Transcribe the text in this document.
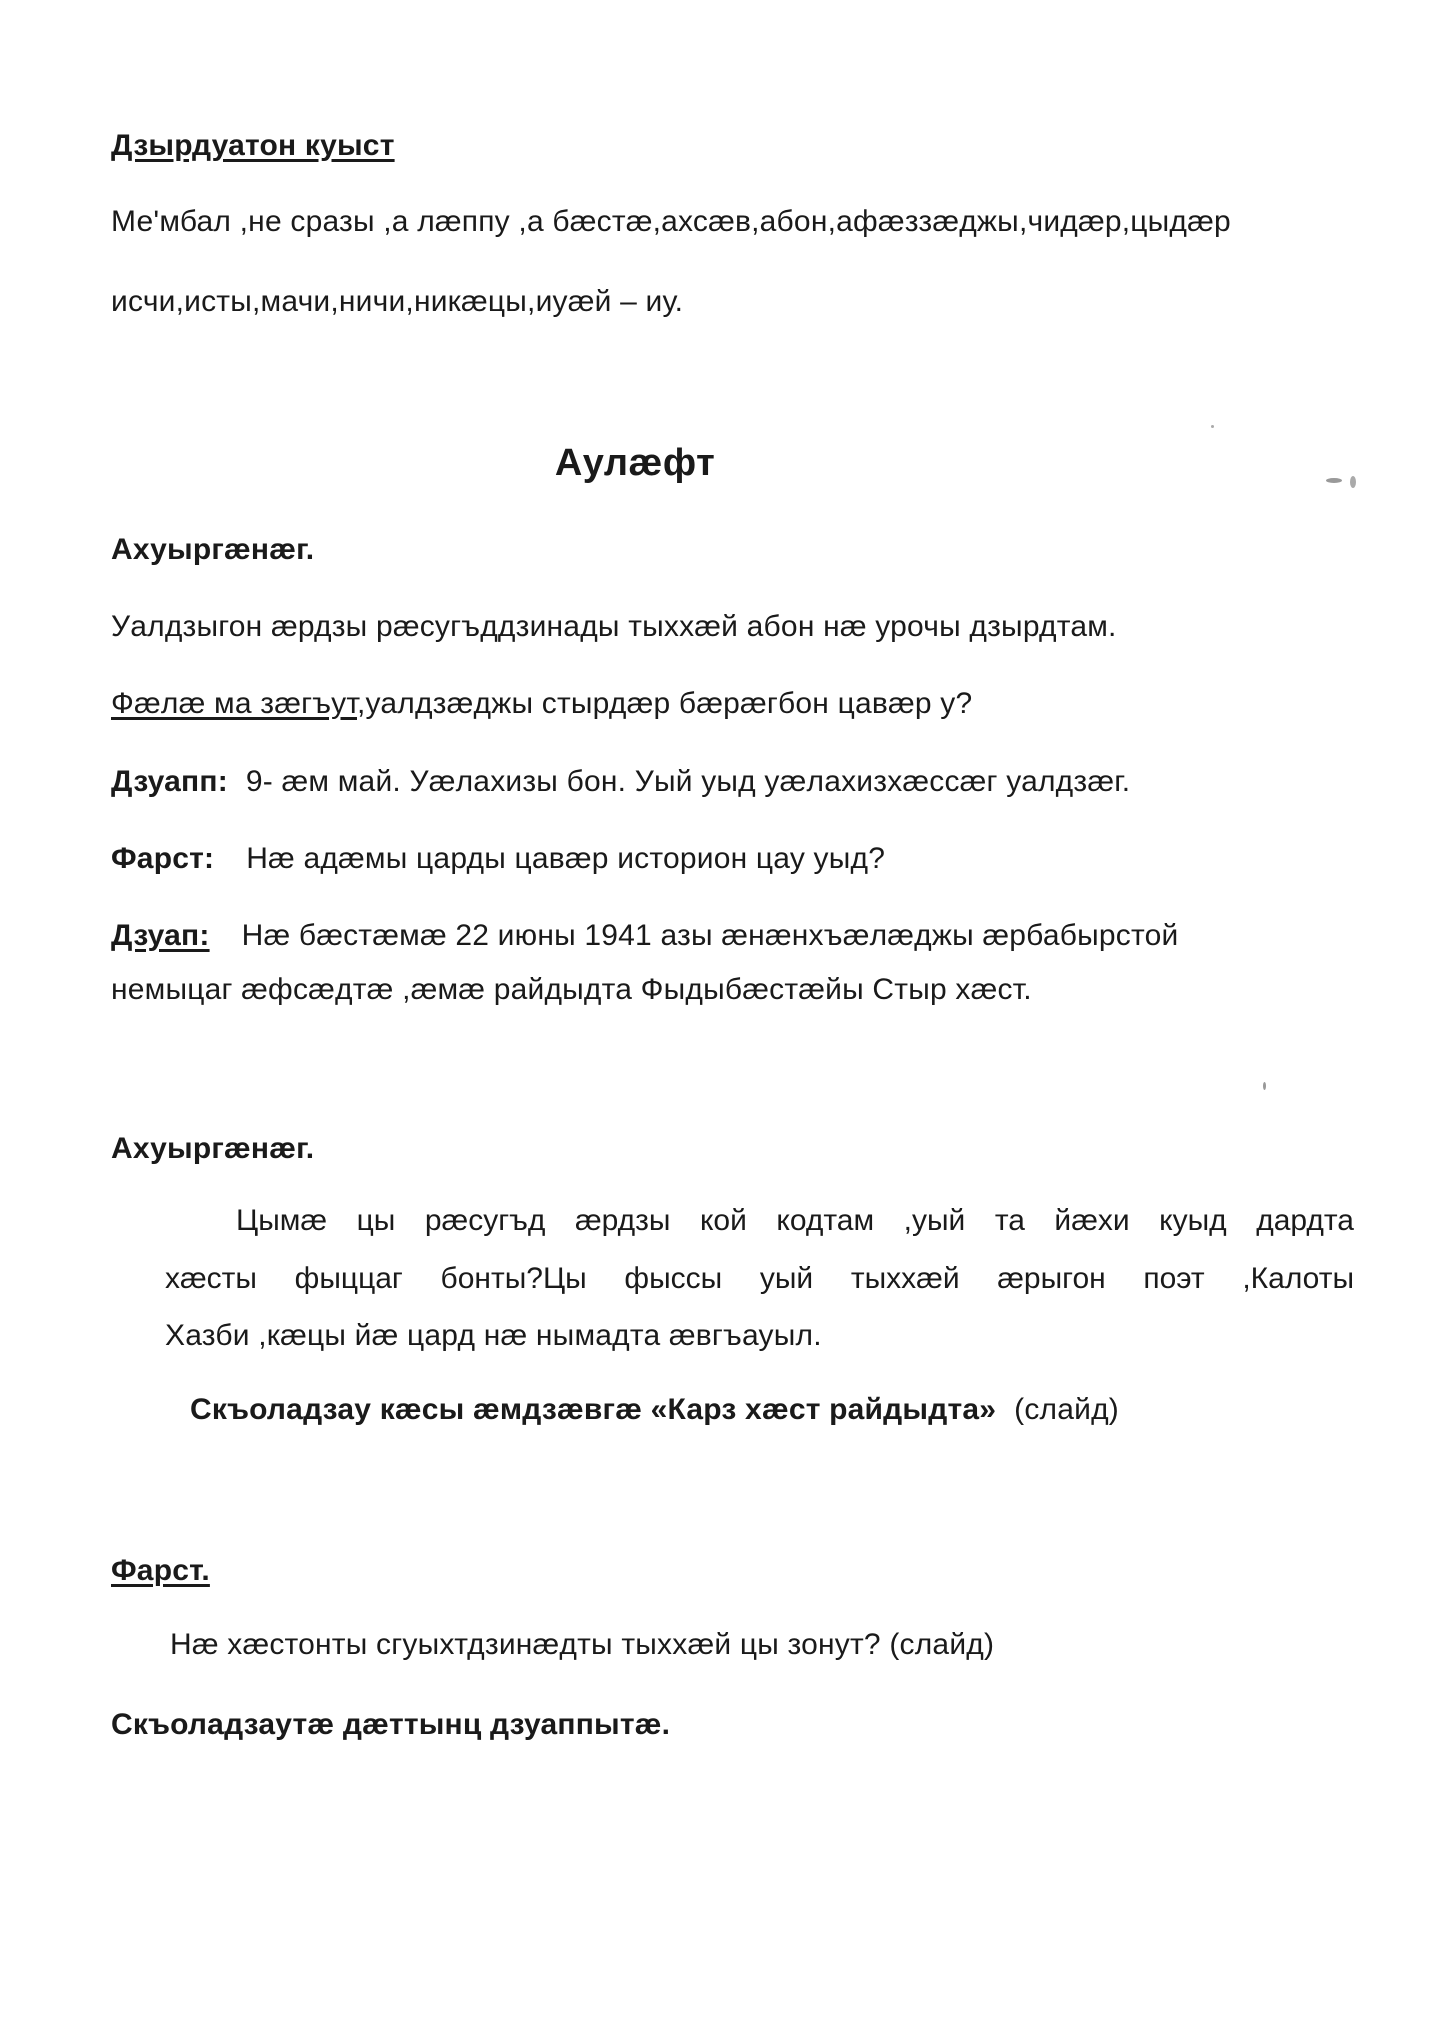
Дзырдуатон куыст
Меʹмбал ,не сразы ,а лæппу ,а бæстæ,ахсæв,абон,афæззæджы,чидæр,цыдæр
исчи,исты,мачи,ничи,никæцы,иуæй – иу.
Аулæфт
Ахуыргæнæг.
Уалдзыгон æрдзы рæсугъддзинады тыххæй абон нæ урочы дзырдтам.
Фæлæ ма зæгъут,уалдзæджы стырдæр бæрæгбон цавæр у?
Дзуапп: 9- æм май. Уæлахизы бон. Уый уыд уæлахизхæссæг уалдзæг.
Фарст: Нæ адæмы царды цавæр историон цау уыд?
Дзуап: Нæ бæстæмæ 22 июны 1941 азы æнæнхъæлæджы æрбабырстой
немыцаг æфсæдтæ ,æмæ райдыдта Фыдыбæстæйы Стыр хæст.
Ахуыргæнæг.
Цымæ цы рæсугъд æрдзы кой кодтам ,уый та йæхи куыд дардта
хæсты фыццаг бонты?Цы фыссы уый тыххæй æрыгон поэт ,Калоты
Хазби ,кæцы йæ цард нæ нымадта æвгъауыл.
Скъоладзау кæсы æмдзæвгæ «Карз хæст райдыдта» (слайд)
Фарст.
Нæ хæстонты сгуыхтдзинæдты тыххæй цы зонут? (слайд)
Скъоладзаутæ дæттынц дзуаппытæ.
